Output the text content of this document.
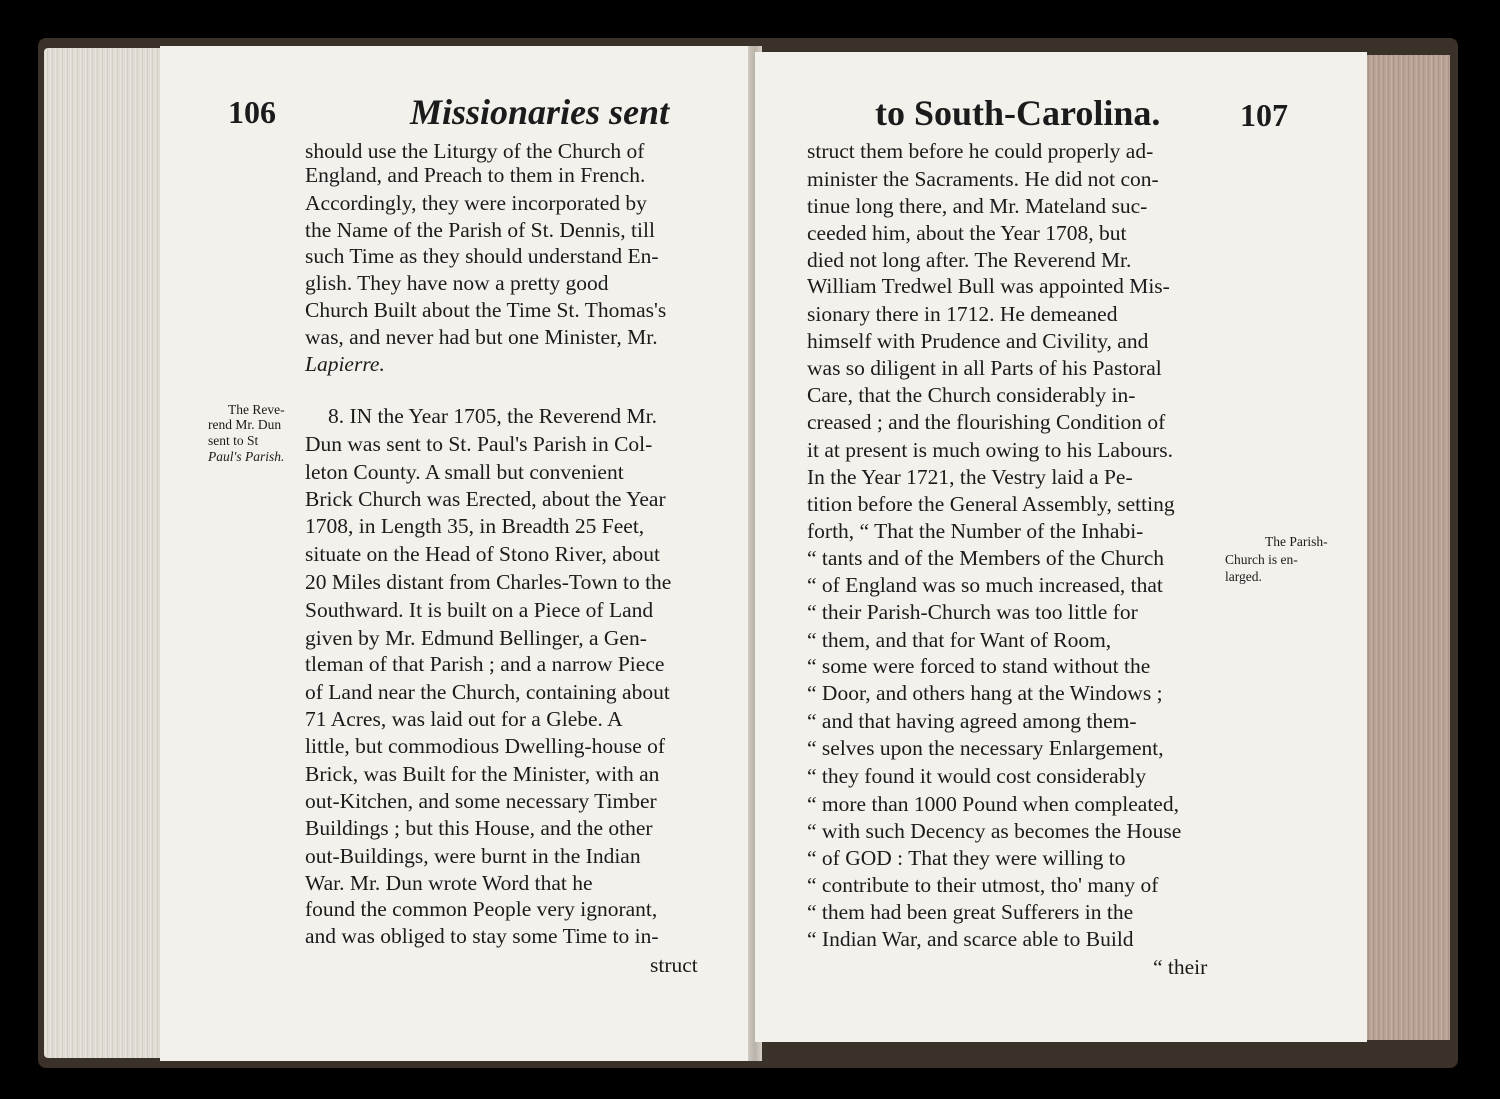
106	Missionaries sent
should use the Liturgy of the Church of
England, and Preach to them in French.
Accordingly, they were incorporated by
the Name of the Parish of St. Dennis, till
such Time as they should understand En-
glish. They have now a pretty good
Church Built about the Time St. Thomas's
was, and never had but one Minister, Mr.
Lapierre.
8. IN the Year 1705, the Reverend Mr.
Dun was sent to St. Paul's Parish in Col-
leton County. A small but convenient
Brick Church was Erected, about the Year
1708, in Length 35, in Breadth 25 Feet,
situate on the Head of Stono River, about
20 Miles distant from Charles-Town to the
Southward. It is built on a Piece of Land
given by Mr. Edmund Bellinger, a Gen-
tleman of that Parish ; and a narrow Piece
of Land near the Church, containing about
71 Acres, was laid out for a Glebe. A
little, but commodious Dwelling-house of
Brick, was Built for the Minister, with an
out-Kitchen, and some necessary Timber
Buildings ; but this House, and the other
out-Buildings, were burnt in the Indian
War. Mr. Dun wrote Word that he
found the common People very ignorant,
and was obliged to stay some Time to in-
struct
The Reve-
rend Mr. Dun
sent to St
Paul's Parish.
to South-Carolina. 107
struct them before he could properly ad-
minister the Sacraments. He did not con-
tinue long there, and Mr. Mateland suc-
ceeded him, about the Year 1708, but
died not long after. The Reverend Mr.
William Tredwel Bull was appointed Mis-
sionary there in 1712. He demeaned
himself with Prudence and Civility, and
was so diligent in all Parts of his Pastoral
Care, that the Church considerably in-
creased ; and the flourishing Condition of
it at present is much owing to his Labours.
In the Year 1721, the Vestry laid a Pe-
tition before the General Assembly, setting
forth, “ That the Number of the Inhabi-
“ tants and of the Members of the Church
“ of England was so much increased, that
“ their Parish-Church was too little for
“ them, and that for Want of Room,
“ some were forced to stand without the
“ Door, and others hang at the Windows ;
“ and that having agreed among them-
“ selves upon the necessary Enlargement,
“ they found it would cost considerably
“ more than 1000 Pound when compleated,
“ with such Decency as becomes the House
“ of GOD : That they were willing to
“ contribute to their utmost, tho' many of
“ them had been great Sufferers in the
“ Indian War, and scarce able to Build
“ their
The Parish-
Church is en-
larged.
